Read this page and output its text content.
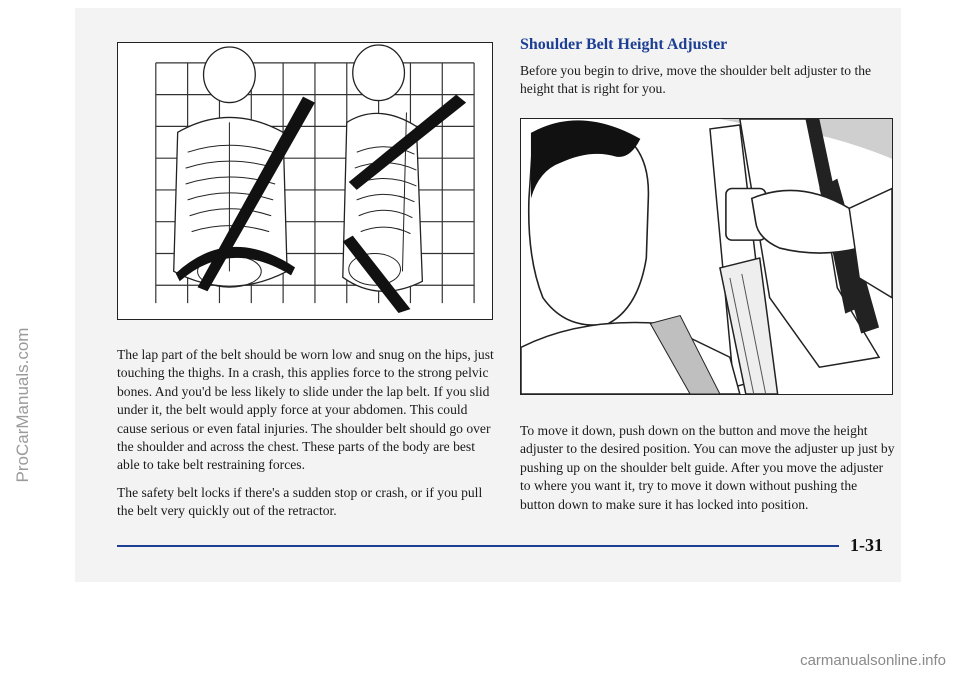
ProCarManuals.com	The lap part of the belt should be worn low and snug on the hips, just touching the thighs. In a crash, this applies force to the strong pelvic bones. And you'd be less likely to slide under the lap belt. If you slid under it, the belt would apply force at your abdomen. This could cause serious or even fatal injuries. The shoulder belt should go over the shoulder and across the chest. These parts of the body are best able to take belt restraining forces.

The safety belt locks if there's a sudden stop or crash, or if you pull the belt very quickly out of the retractor.

Shoulder Belt Height Adjuster

Before you begin to drive, move the shoulder belt adjuster to the height that is right for you.

To move it down, push down on the button and move the height adjuster to the desired position. You can move the adjuster up just by pushing up on the shoulder belt guide. After you move the adjuster to where you want it, try to move it down without pushing the button down to make sure it has locked into position.

1-31
carmanualsonline.info
